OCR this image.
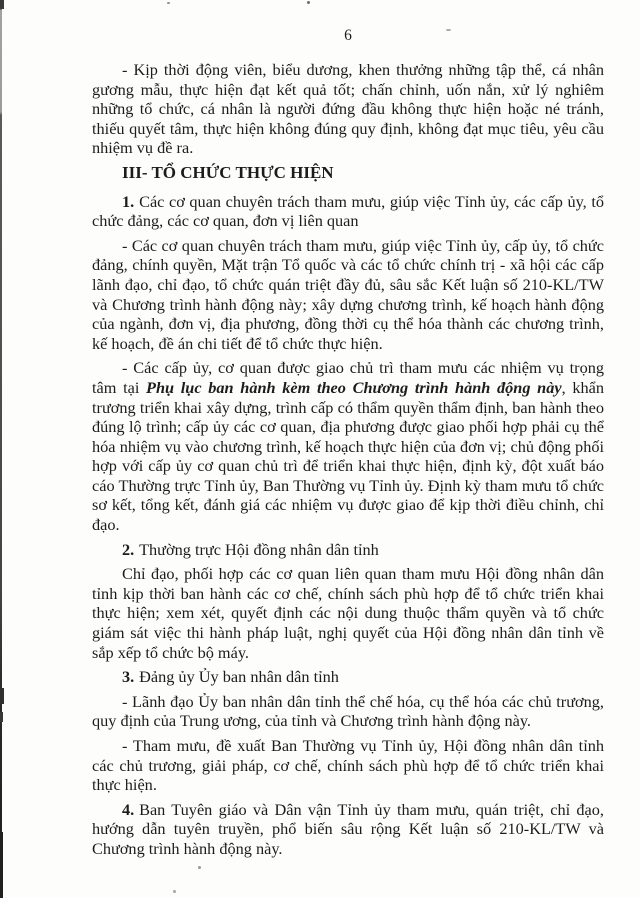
6

- Kịp thời động viên, biểu dương, khen thưởng những tập thể, cá nhân gương mẫu, thực hiện đạt kết quả tốt; chấn chỉnh, uốn nắn, xử lý nghiêm những tổ chức, cá nhân là người đứng đầu không thực hiện hoặc né tránh, thiếu quyết tâm, thực hiện không đúng quy định, không đạt mục tiêu, yêu cầu nhiệm vụ đề ra.

III- TỔ CHỨC THỰC HIỆN

1. Các cơ quan chuyên trách tham mưu, giúp việc Tỉnh ủy, các cấp ủy, tổ chức đảng, các cơ quan, đơn vị liên quan

- Các cơ quan chuyên trách tham mưu, giúp việc Tỉnh ủy, cấp ủy, tổ chức đảng, chính quyền, Mặt trận Tổ quốc và các tổ chức chính trị - xã hội các cấp lãnh đạo, chỉ đạo, tổ chức quán triệt đầy đủ, sâu sắc Kết luận số 210-KL/TW và Chương trình hành động này; xây dựng chương trình, kế hoạch hành động của ngành, đơn vị, địa phương, đồng thời cụ thể hóa thành các chương trình, kế hoạch, đề án chi tiết để tổ chức thực hiện.

- Các cấp ủy, cơ quan được giao chủ trì tham mưu các nhiệm vụ trọng tâm tại Phụ lục ban hành kèm theo Chương trình hành động này, khẩn trương triển khai xây dựng, trình cấp có thẩm quyền thẩm định, ban hành theo đúng lộ trình; cấp ủy các cơ quan, địa phương được giao phối hợp phải cụ thể hóa nhiệm vụ vào chương trình, kế hoạch thực hiện của đơn vị; chủ động phối hợp với cấp ủy cơ quan chủ trì để triển khai thực hiện, định kỳ, đột xuất báo cáo Thường trực Tỉnh ủy, Ban Thường vụ Tỉnh ủy. Định kỳ tham mưu tổ chức sơ kết, tổng kết, đánh giá các nhiệm vụ được giao để kịp thời điều chỉnh, chỉ đạo.

2. Thường trực Hội đồng nhân dân tỉnh

Chỉ đạo, phối hợp các cơ quan liên quan tham mưu Hội đồng nhân dân tỉnh kịp thời ban hành các cơ chế, chính sách phù hợp để tổ chức triển khai thực hiện; xem xét, quyết định các nội dung thuộc thẩm quyền và tổ chức giám sát việc thi hành pháp luật, nghị quyết của Hội đồng nhân dân tỉnh về sắp xếp tổ chức bộ máy.

3. Đảng ủy Ủy ban nhân dân tỉnh

- Lãnh đạo Ủy ban nhân dân tỉnh thể chế hóa, cụ thể hóa các chủ trương, quy định của Trung ương, của tỉnh và Chương trình hành động này.

- Tham mưu, đề xuất Ban Thường vụ Tỉnh ủy, Hội đồng nhân dân tỉnh các chủ trương, giải pháp, cơ chế, chính sách phù hợp để tổ chức triển khai thực hiện.

4. Ban Tuyên giáo và Dân vận Tỉnh ủy tham mưu, quán triệt, chỉ đạo, hướng dẫn tuyên truyền, phổ biến sâu rộng Kết luận số 210-KL/TW và Chương trình hành động này.
